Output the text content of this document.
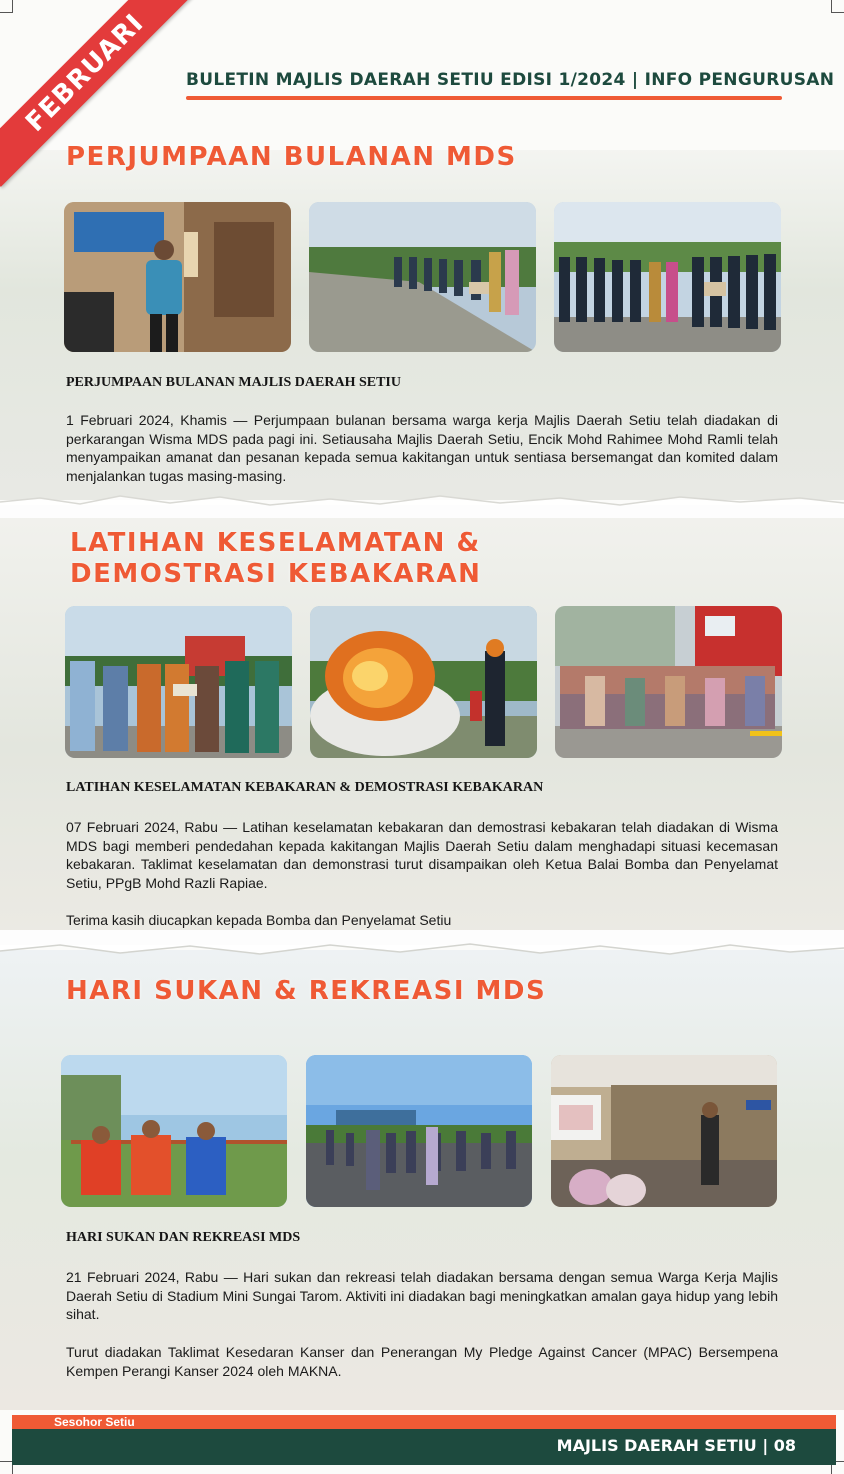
FEBRUARI	BULETIN MAJLIS DAERAH SETIU EDISI 1/2024 | INFO PENGURUSAN
PERJUMPAAN BULANAN MDS
PERJUMPAAN BULANAN MAJLIS DAERAH SETIU
1 Februari 2024, Khamis — Perjumpaan bulanan bersama warga kerja Majlis Daerah Setiu telah diadakan di perkarangan Wisma MDS pada pagi ini. Setiausaha Majlis Daerah Setiu, Encik Mohd Rahimee Mohd Ramli telah menyampaikan amanat dan pesanan kepada semua kakitangan untuk sentiasa bersemangat dan komited dalam menjalankan tugas masing-masing.
LATIHAN KESELAMATAN & DEMOSTRASI KEBAKARAN
LATIHAN KESELAMATAN KEBAKARAN & DEMOSTRASI KEBAKARAN
07 Februari 2024, Rabu — Latihan keselamatan kebakaran dan demostrasi kebakaran telah diadakan di Wisma MDS bagi memberi pendedahan kepada kakitangan Majlis Daerah Setiu dalam menghadapi situasi kecemasan kebakaran. Taklimat keselamatan dan demonstrasi turut disampaikan oleh Ketua Balai Bomba dan Penyelamat Setiu, PPgB Mohd Razli Rapiae.
Terima kasih diucapkan kepada Bomba dan Penyelamat Setiu
HARI SUKAN & REKREASI MDS
HARI SUKAN DAN REKREASI MDS
21 Februari 2024, Rabu — Hari sukan dan rekreasi telah diadakan bersama dengan semua Warga Kerja Majlis Daerah Setiu di Stadium Mini Sungai Tarom. Aktiviti ini diadakan bagi meningkatkan amalan gaya hidup yang lebih sihat.
Turut diadakan Taklimat Kesedaran Kanser dan Penerangan My Pledge Against Cancer (MPAC) Bersempena Kempen Perangi Kanser 2024 oleh MAKNA.
Sesohor Setiu
MAJLIS DAERAH SETIU | 08
